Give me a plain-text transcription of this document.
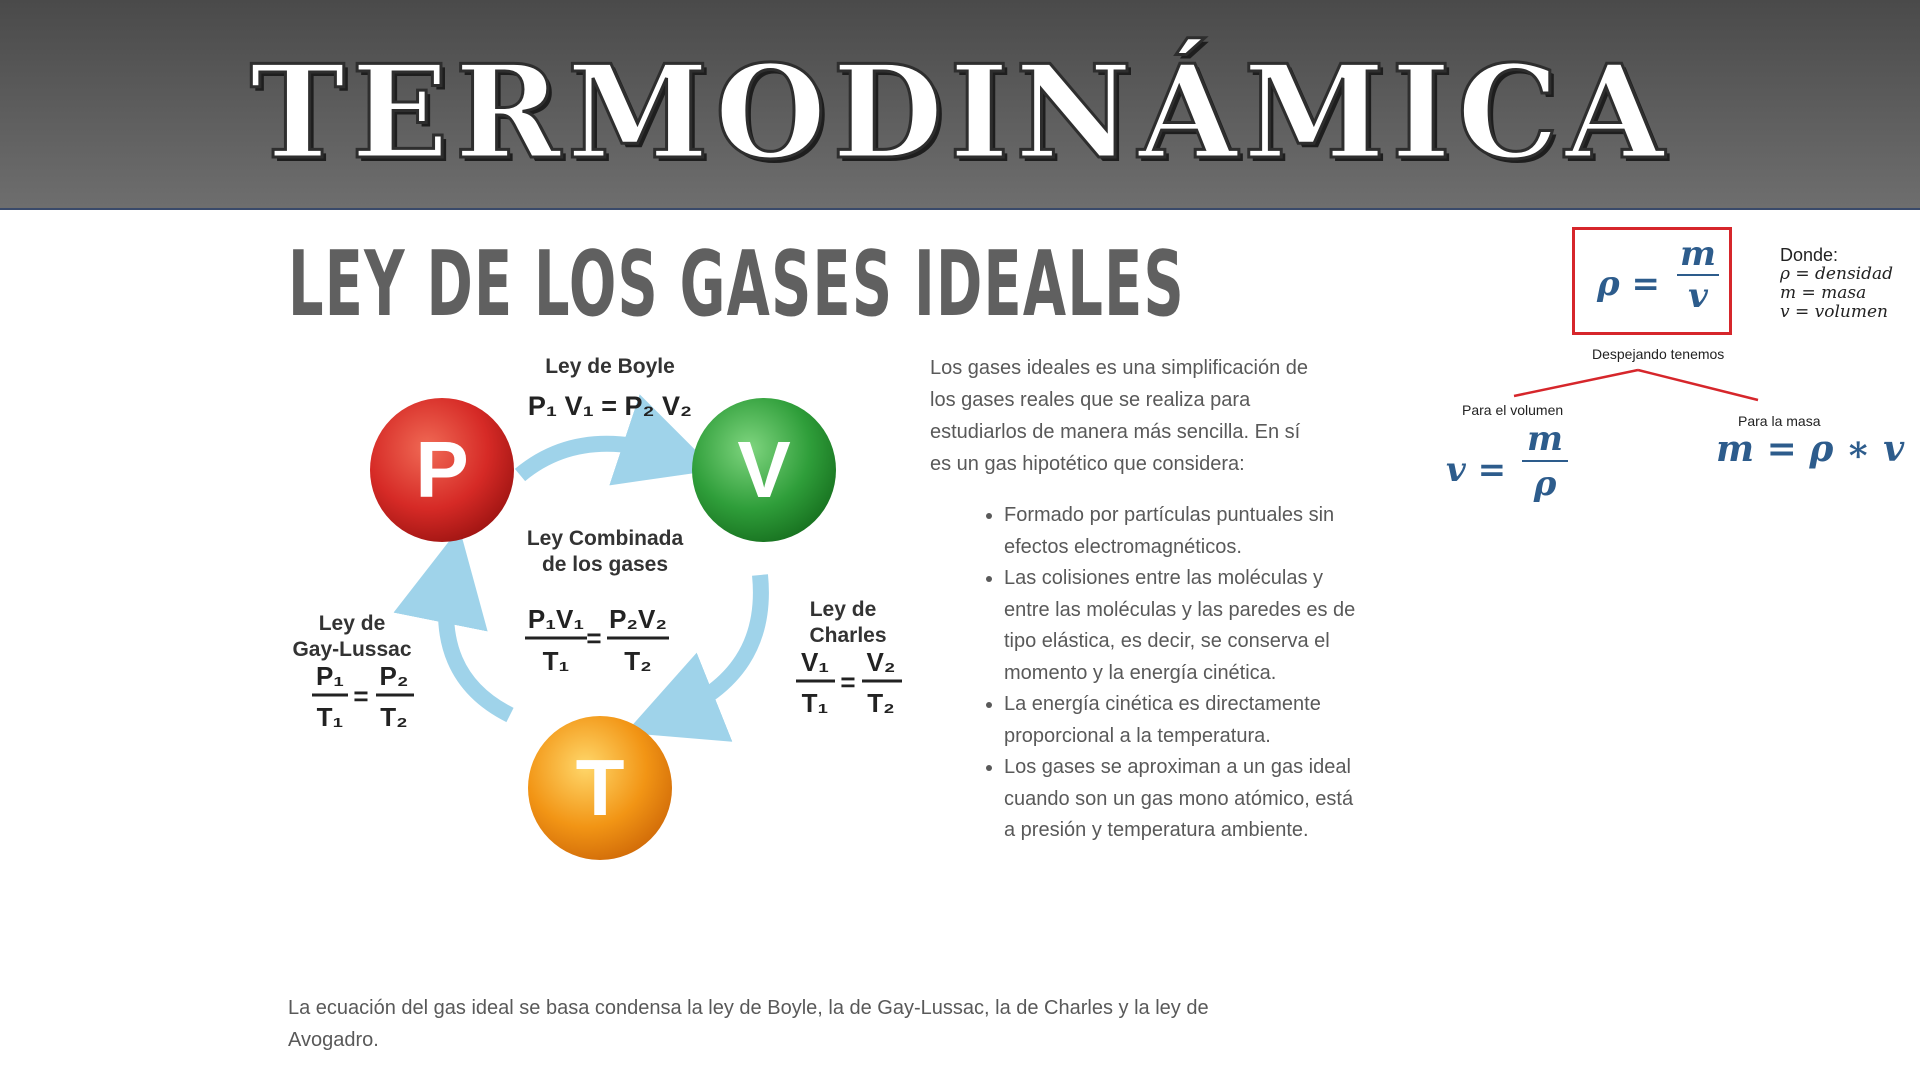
TERMODINÁMICA
LEY DE LOS GASES IDEALES
P	V
T
Ley de Boyle
P₁ V₁ = P₂ V₂
Ley Combinada
de los gases
P₁V₁
T₁
=
P₂V₂
T₂
Ley de
Gay-Lussac
P₁
T₁
=
P₂
T₂
Ley de
Charles
V₁
T₁
=
V₂
T₂

Los gases ideales es una simplificación de los gases reales que se realiza para estudiarlos de manera más sencilla. En sí es un gas hipotético que considera:

• Formado por partículas puntuales sin efectos electromagnéticos.
• Las colisiones entre las moléculas y entre las moléculas y las paredes es de tipo elástica, es decir, se conserva el momento y la energía cinética.
• La energía cinética es directamente proporcional a la temperatura.
• Los gases se aproximan a un gas ideal cuando son un gas mono atómico, está a presión y temperatura ambiente.

La ecuación del gas ideal se basa condensa la ley de Boyle, la de Gay-Lussac, la de Charles y la ley de Avogadro.

ρ =
m
v
Donde:
ρ = densidad
m = masa
v = volumen
Despejando tenemos
Para el volumen
v =
m
ρ
Para la masa
m = ρ ∗ v
